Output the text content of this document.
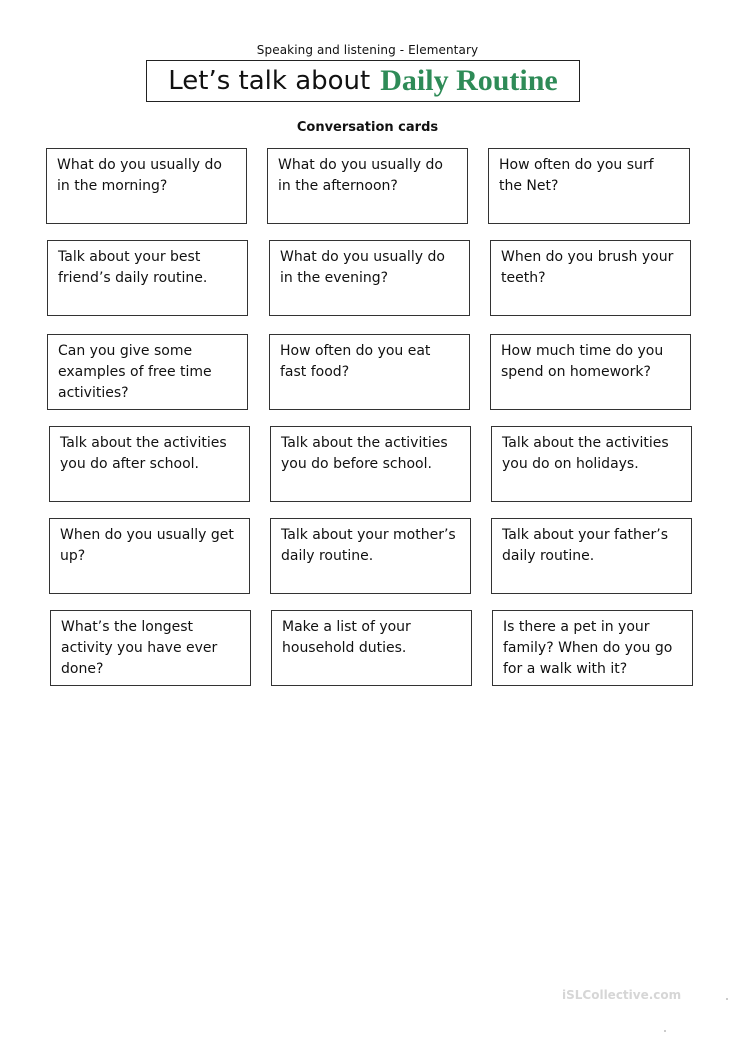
Speaking and listening - Elementary
Let’s talk about Daily Routine
Conversation cards
What do you usually do in the morning?
What do you usually do in the afternoon?
How often do you surf the Net?
Talk about your best friend’s daily routine.
What do you usually do in the evening?
When do you brush your teeth?
Can you give some examples of free time activities?
How often do you eat fast food?
How much time do you spend on homework?
Talk about the activities you do after school.
Talk about the activities you do before school.
Talk about the activities you do on holidays.
When do you usually get up?
Talk about your mother’s daily routine.
Talk about your father’s daily routine.
What’s the longest activity you have ever done?
Make a list of your household duties.
Is there a pet in your family? When do you go for a walk with it?
iSLCollective.com
